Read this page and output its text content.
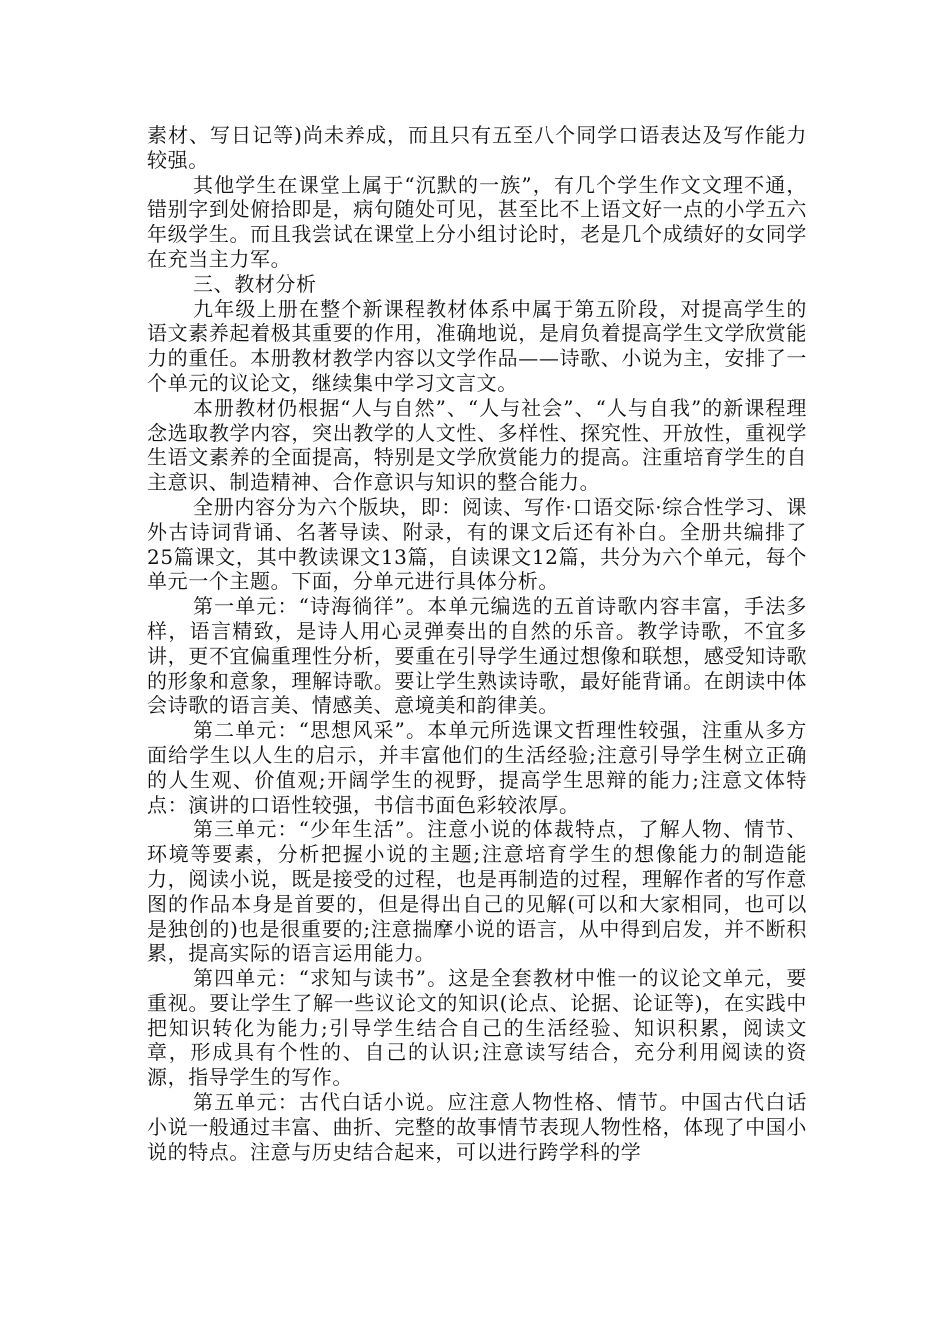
素材、写日记等)尚未养成，而且只有五至八个同学口语表达及写作能力较强。

其他学生在课堂上属于“沉默的一族”，有几个学生作文文理不通，错别字到处俯拾即是，病句随处可见，甚至比不上语文好一点的小学五六年级学生。而且我尝试在课堂上分小组讨论时，老是几个成绩好的女同学在充当主力军。

三、教材分析

九年级上册在整个新课程教材体系中属于第五阶段，对提高学生的语文素养起着极其重要的作用，准确地说，是肩负着提高学生文学欣赏能力的重任。本册教材教学内容以文学作品——诗歌、小说为主，安排了一个单元的议论文，继续集中学习文言文。

本册教材仍根据“人与自然”、“人与社会”、“人与自我”的新课程理念选取教学内容，突出教学的人文性、多样性、探究性、开放性，重视学生语文素养的全面提高，特别是文学欣赏能力的提高。注重培育学生的自主意识、制造精神、合作意识与知识的整合能力。

全册内容分为六个版块，即：阅读、写作·口语交际·综合性学习、课外古诗词背诵、名著导读、附录，有的课文后还有补白。全册共编排了25篇课文，其中教读课文13篇，自读课文12篇，共分为六个单元，每个单元一个主题。下面，分单元进行具体分析。

第一单元：“诗海徜徉”。本单元编选的五首诗歌内容丰富，手法多样，语言精致，是诗人用心灵弹奏出的自然的乐音。教学诗歌，不宜多讲，更不宜偏重理性分析，要重在引导学生通过想像和联想，感受知诗歌的形象和意象，理解诗歌。要让学生熟读诗歌，最好能背诵。在朗读中体会诗歌的语言美、情感美、意境美和韵律美。

第二单元：“思想风采”。本单元所选课文哲理性较强，注重从多方面给学生以人生的启示，并丰富他们的生活经验;注意引导学生树立正确的人生观、价值观;开阔学生的视野，提高学生思辩的能力;注意文体特点：演讲的口语性较强，书信书面色彩较浓厚。

第三单元：“少年生活”。注意小说的体裁特点，了解人物、情节、环境等要素，分析把握小说的主题;注意培育学生的想像能力的制造能力，阅读小说，既是接受的过程，也是再制造的过程，理解作者的写作意图的作品本身是首要的，但是得出自己的见解(可以和大家相同，也可以是独创的)也是很重要的;注意揣摩小说的语言，从中得到启发，并不断积累，提高实际的语言运用能力。

第四单元：“求知与读书”。这是全套教材中惟一的议论文单元，要重视。要让学生了解一些议论文的知识(论点、论据、论证等)，在实践中把知识转化为能力;引导学生结合自己的生活经验、知识积累，阅读文章，形成具有个性的、自己的认识;注意读写结合，充分利用阅读的资源，指导学生的写作。

第五单元：古代白话小说。应注意人物性格、情节。中国古代白话小说一般通过丰富、曲折、完整的故事情节表现人物性格，体现了中国小说的特点。注意与历史结合起来，可以进行跨学科的学
